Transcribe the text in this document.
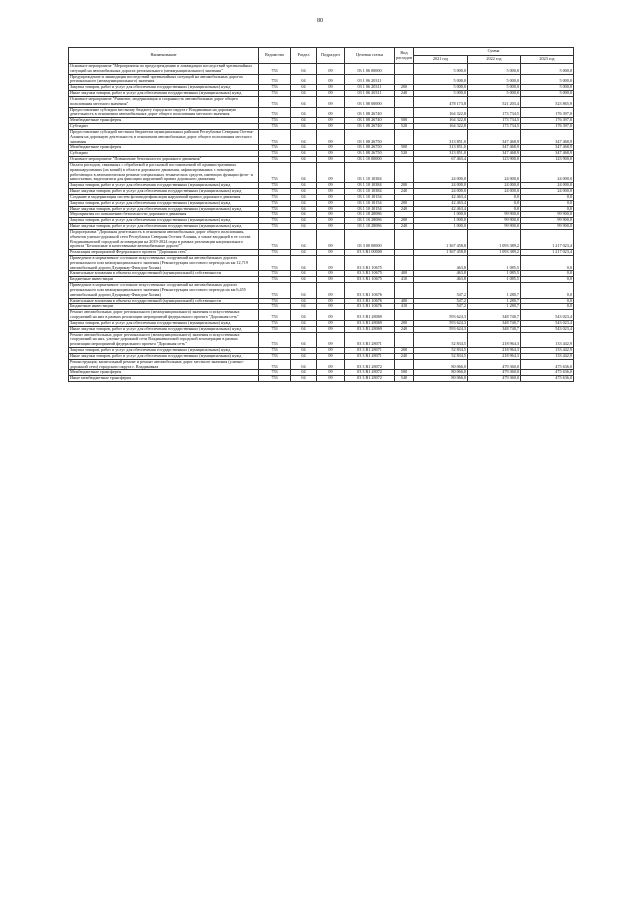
80
Наименование	Ведомство	Раздел	Подраздел	Целевая статья	Вид расходов	Сумма		
						2021 год	2022 год	2023 год
Основное мероприятие "Мероприятия по предупреждению и ликвидации последствий чрезвычайных ситуаций на автомобильных дорогах регионального (межмуниципального) значения"	753	04	09	03 1 06 00000		5 000,0	5 000,0	5 000,0
Предупреждение и ликвидация последствий чрезвычайных ситуаций на автомобильных дорогах регионального (межмуниципального) значения	753	04	09	03 1 06 20311		5 000,0	5 000,0	5 000,0
Закупка товаров, работ и услуг для обеспечения государственных (муниципальных) нужд	753	04	09	03 1 06 20311	200	5 000,0	5 000,0	5 000,0
Иные закупки товаров, работ и услуг для обеспечения государственных (муниципальных) нужд	753	04	09	03 1 06 20311	240	5 000,0	5 000,0	5 000,0
Основное мероприятие "Развитие, модернизация и сохранность автомобильных дорог общего пользования местного значения"	753	04	09	03 1 08 00000		478 173,8	521 203,4	523 865,9
Предоставление субсидии местному бюджету городского округа г Владикавказ на дорожную деятельность в отношении автомобильных дорог общего пользования местного значения	753	04	09	03 1 08 26740		164 322,8	173 734,5	176 397,0
Межбюджетные трансферты	753	04	09	03 1 08 26740	500	164 322,8	173 734,5	176 397,0
Субсидии	753	04	09	03 1 08 26740	520	164 322,8	173 734,5	176 397,0
Предоставление субсидий местным бюджетам муниципальных районов Республики Северная Осетия-Алания на дорожную деятельность в отношении автомобильных дорог общего пользования местного значения	753	04	09	03 1 08 26750		313 851,0	347 468,9	347 468,9
Межбюджетные трансферты	753	04	09	03 1 08 26750	500	313 851,0	347 468,9	347 468,9
Субсидии	753	04	09	03 1 08 26750	520	313 851,0	347 468,9	347 468,9
Основное мероприятие "Повышение безопасности дорожного движения"	753	04	09	03 1 10 00000		67 463,4	123 900,0	123 900,0
Оплата расходов, связанных с обработкой и рассылкой постановлений об административных правонарушениях (их копий) в области дорожного движения, зафиксированных с помощью работающих в автоматическом режиме специальных технических средств, имеющих функции фото- и киносъемки, видеозаписи для фиксации нарушений правил дорожного движения	753	04	09	03 1 10 10384		24 000,0	24 000,0	24 000,0
Закупка товаров, работ и услуг для обеспечения государственных (муниципальных) нужд	753	04	09	03 1 10 10384	200	24 000,0	24 000,0	24 000,0
Иные закупки товаров, работ и услуг для обеспечения государственных (муниципальных) нужд	753	04	09	03 1 10 10384	240	24 000,0	24 000,0	24 000,0
Создание и модернизация систем фотовидеофиксации нарушений правил дорожного движения	753	04	09	03 1 10 10154		42 463,4	0,0	0,0
Закупка товаров, работ и услуг для обеспечения государственных (муниципальных) нужд	753	04	09	03 1 10 10154	200	42 463,4	0,0	0,0
Иные закупки товаров, работ и услуг для обеспечения государственных (муниципальных) нужд	753	04	09	03 1 10 10154	240	42 463,4	0,0	0,0
Мероприятия по повышению безопасности дорожного движения	753	04	09	03 1 10 28086		1 000,0	99 900,0	99 900,0
Закупка товаров, работ и услуг для обеспечения государственных (муниципальных) нужд	753	04	09	03 1 10 28086	200	1 000,0	99 900,0	99 900,0
Иные закупки товаров, работ и услуг для обеспечения государственных (муниципальных) нужд	753	04	09	03 1 10 28086	240	1 000,0	99 900,0	99 900,0
Подпрограмма "Дорожная деятельность в отношении автомобильных дорог общего пользования, объектов улично-дорожной сети Республики Северная Осетия-Алания, а также входящей в ее состав Владикавказской городской агломерации на 2019-2024 годы в рамках реализации национального проекта "Безопасные и качественные автомобильные дороги""	753	04	09	03 3 00 00000		1 367 458,8	1 093 389,2	1 217 023,4
Реализация мероприятий Федерального проекта "Дорожная сеть"	753	04	09	03 3 R1 00000		1 367 458,8	1 093 389,2	1 217 023,4
Приведение в нормативное состояние искусственных сооружений на автомобильных дорогах регионального или межмуниципального значения (Реконструкция мостового перехода на км 12,719 автомобильной дороги Дзуарикау-Фиагдон-Хилак)	753	04	09	03 3 R1 10675		463,8	1 085,5	0,0
Капитальные вложения в объекты государственной (муниципальной) собственности	753	04	09	03 3 R1 10675	400	463,8	1 085,5	0,0
Бюджетные инвестиции	753	04	09	03 3 R1 10675	410	463,8	1 085,5	0,0
Приведение в нормативное состояние искусственных сооружений на автомобильных дорогах регионального или межмуниципального значения (Реконструкция мостового перехода на км 6,455 автомобильной дороги Дзуарикау-Фиагдон-Хилак)	753	04	09	03 3 R1 10676		547,2	1 280,7	0,0
Капитальные вложения в объекты государственной (муниципальной) собственности	753	04	09	03 3 R1 10676	400	547,2	1 280,7	0,0
Бюджетные инвестиции	753	04	09	03 3 R1 10676	410	547,2	1 280,7	0,0
Ремонт автомобильных дорог регионального (межмуниципального) значения и искусственных сооружений на них в рамках реализации мероприятий федерального проекта "Дорожная сеть"	753	04	09	03 3 R1 28069		593 624,3	348 740,7	543 023,4
Закупка товаров, работ и услуг для обеспечения государственных (муниципальных) нужд	753	04	09	03 3 R1 28069	200	593 624,3	348 740,7	543 023,4
Иные закупки товаров, работ и услуг для обеспечения государственных (муниципальных) нужд	753	04	09	03 3 R1 28069	240	593 624,3	348 740,7	543 023,4
Ремонт автомобильных дорог регионального (межмуниципального) значения и искусственных сооружений на них, улично-дорожной сети Владикавказской городской агломерации в рамках реализации мероприятий федерального проекта "Дорожная сеть"	753	04	09	03 3 R1 28071		52 834,5	218 964,3	133 442,9
Закупка товаров, работ и услуг для обеспечения государственных (муниципальных) нужд	753	04	09	03 3 R1 28071	200	52 834,5	218 964,3	133 442,9
Иные закупки товаров, работ и услуг для обеспечения государственных (муниципальных) нужд	753	04	09	03 3 R1 28071	240	52 834,5	218 964,3	133 442,9
Реконструкция, капитальный ремонт и ремонт автомобильных дорог местного значения (улично-дорожной сети) городского округа г. Владикавказ	753	04	09	03 3 R1 28072		80 066,0	479 360,0	475 636,0
Межбюджетные трансферты	753	04	09	03 3 R1 28072	500	80 066,0	479 360,0	475 636,0
Иные межбюджетные трансферты	753	04	09	03 3 R1 28072	540	80 066,0	479 360,0	475 636,0
